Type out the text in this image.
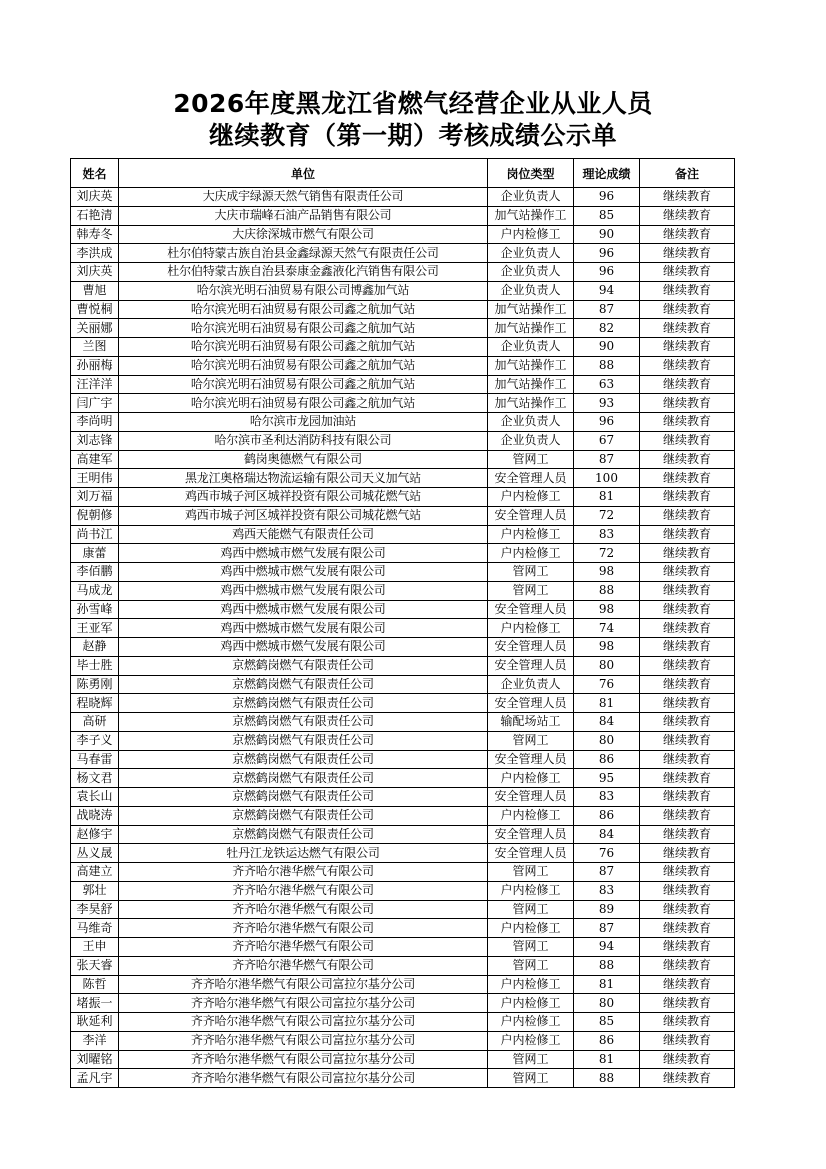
2026年度黑龙江省燃气经营企业从业人员
继续教育（第一期）考核成绩公示单
姓名	单位	岗位类型	理论成绩	备注
刘庆英	大庆成宇绿源天然气销售有限责任公司	企业负责人	96	继续教育
石艳清	大庆市瑞峰石油产品销售有限公司	加气站操作工	85	继续教育
韩寿冬	大庆徐深城市燃气有限公司	户内检修工	90	继续教育
李洪成	杜尔伯特蒙古族自治县金鑫绿源天然气有限责任公司	企业负责人	96	继续教育
刘庆英	杜尔伯特蒙古族自治县泰康金鑫液化汽销售有限公司	企业负责人	96	继续教育
曹旭	哈尔滨光明石油贸易有限公司博鑫加气站	企业负责人	94	继续教育
曹悦桐	哈尔滨光明石油贸易有限公司鑫之航加气站	加气站操作工	87	继续教育
关丽娜	哈尔滨光明石油贸易有限公司鑫之航加气站	加气站操作工	82	继续教育
兰图	哈尔滨光明石油贸易有限公司鑫之航加气站	企业负责人	90	继续教育
孙丽梅	哈尔滨光明石油贸易有限公司鑫之航加气站	加气站操作工	88	继续教育
汪洋洋	哈尔滨光明石油贸易有限公司鑫之航加气站	加气站操作工	63	继续教育
闫广宇	哈尔滨光明石油贸易有限公司鑫之航加气站	加气站操作工	93	继续教育
李尚明	哈尔滨市龙园加油站	企业负责人	96	继续教育
刘志锋	哈尔滨市圣利达消防科技有限公司	企业负责人	67	继续教育
高建军	鹤岗奥德燃气有限公司	管网工	87	继续教育
王明伟	黑龙江奥格瑞达物流运输有限公司天义加气站	安全管理人员	100	继续教育
刘万福	鸡西市城子河区城祥投资有限公司城花燃气站	户内检修工	81	继续教育
倪朝修	鸡西市城子河区城祥投资有限公司城花燃气站	安全管理人员	72	继续教育
尚书江	鸡西天能燃气有限责任公司	户内检修工	83	继续教育
康蕾	鸡西中燃城市燃气发展有限公司	户内检修工	72	继续教育
李佰鹏	鸡西中燃城市燃气发展有限公司	管网工	98	继续教育
马成龙	鸡西中燃城市燃气发展有限公司	管网工	88	继续教育
孙雪峰	鸡西中燃城市燃气发展有限公司	安全管理人员	98	继续教育
王亚军	鸡西中燃城市燃气发展有限公司	户内检修工	74	继续教育
赵静	鸡西中燃城市燃气发展有限公司	安全管理人员	98	继续教育
毕士胜	京燃鹤岗燃气有限责任公司	安全管理人员	80	继续教育
陈勇刚	京燃鹤岗燃气有限责任公司	企业负责人	76	继续教育
程晓辉	京燃鹤岗燃气有限责任公司	安全管理人员	81	继续教育
高研	京燃鹤岗燃气有限责任公司	输配场站工	84	继续教育
李子义	京燃鹤岗燃气有限责任公司	管网工	80	继续教育
马春雷	京燃鹤岗燃气有限责任公司	安全管理人员	86	继续教育
杨文君	京燃鹤岗燃气有限责任公司	户内检修工	95	继续教育
袁长山	京燃鹤岗燃气有限责任公司	安全管理人员	83	继续教育
战晓涛	京燃鹤岗燃气有限责任公司	户内检修工	86	继续教育
赵修宇	京燃鹤岗燃气有限责任公司	安全管理人员	84	继续教育
丛义晟	牡丹江龙铁运达燃气有限公司	安全管理人员	76	继续教育
高建立	齐齐哈尔港华燃气有限公司	管网工	87	继续教育
郭壮	齐齐哈尔港华燃气有限公司	户内检修工	83	继续教育
李昊舒	齐齐哈尔港华燃气有限公司	管网工	89	继续教育
马维奇	齐齐哈尔港华燃气有限公司	户内检修工	87	继续教育
王申	齐齐哈尔港华燃气有限公司	管网工	94	继续教育
张天睿	齐齐哈尔港华燃气有限公司	管网工	88	继续教育
陈哲	齐齐哈尔港华燃气有限公司富拉尔基分公司	户内检修工	81	继续教育
堵振一	齐齐哈尔港华燃气有限公司富拉尔基分公司	户内检修工	80	继续教育
耿延利	齐齐哈尔港华燃气有限公司富拉尔基分公司	户内检修工	85	继续教育
李洋	齐齐哈尔港华燃气有限公司富拉尔基分公司	户内检修工	86	继续教育
刘曜铭	齐齐哈尔港华燃气有限公司富拉尔基分公司	管网工	81	继续教育
孟凡宇	齐齐哈尔港华燃气有限公司富拉尔基分公司	管网工	88	继续教育
